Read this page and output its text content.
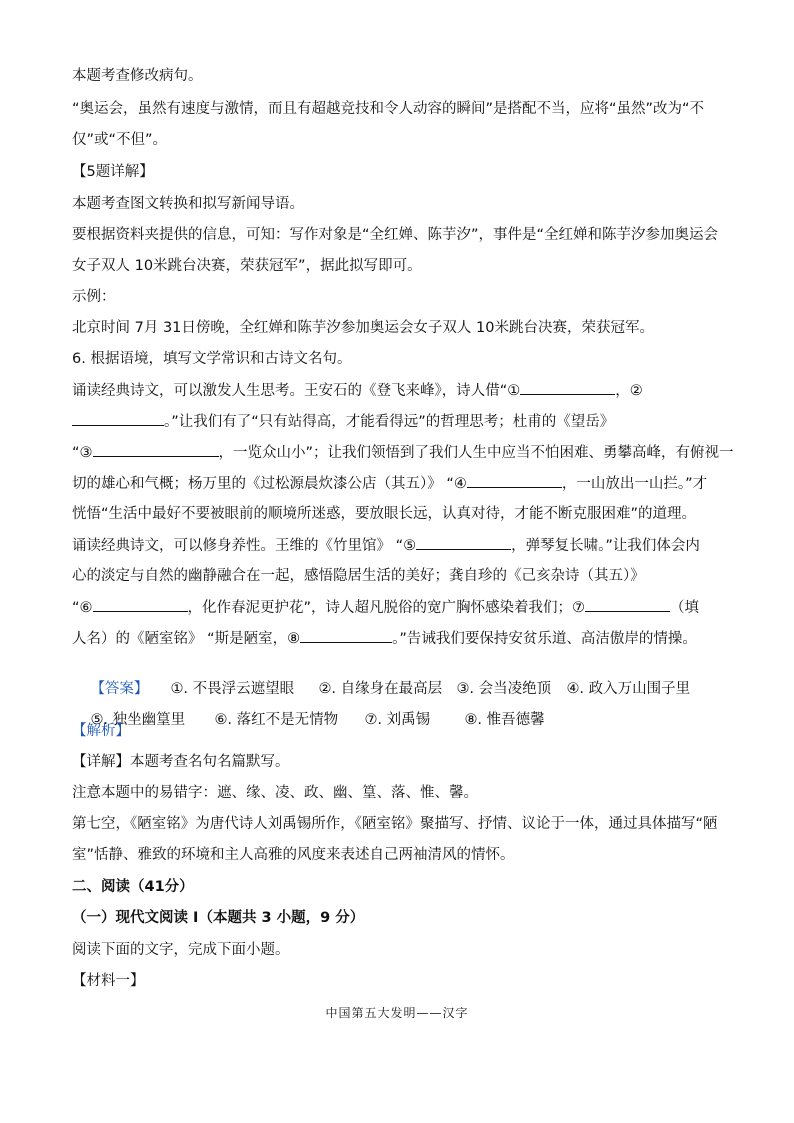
本题考查修改病句。
“奥运会，虽然有速度与激情，而且有超越竞技和令人动容的瞬间”是搭配不当，应将“虽然”改为“不
仅”或“不但”。
【5题详解】
本题考查图文转换和拟写新闻导语。
要根据资料夹提供的信息，可知：写作对象是“全红婵、陈芋汐”，事件是“全红婵和陈芋汐参加奥运会
女子双人 10米跳台决赛，荣获冠军”，据此拟写即可。
示例：
北京时间 7月 31日傍晚，全红婵和陈芋汐参加奥运会女子双人 10米跳台决赛，荣获冠军。
6. 根据语境，填写文学常识和古诗文名句。
诵读经典诗文，可以激发人生思考。王安石的《登飞来峰》，诗人借“①	，②
。”让我们有了“只有站得高，才能看得远”的哲理思考；杜甫的《望岳》
“③	，一览众山小”；让我们领悟到了我们人生中应当不怕困难、勇攀高峰，有俯视一
切的雄心和气概；杨万里的《过松源晨炊漆公店（其五）》 “④	，一山放出一山拦。”才
恍悟“生活中最好不要被眼前的顺境所迷惑，要放眼长远，认真对待，才能不断克服困难”的道理。
诵读经典诗文，可以修身养性。王维的《竹里馆》 “⑤	，弹琴复长啸。”让我们体会内
心的淡定与自然的幽静融合在一起，感悟隐居生活的美好；龚自珍的《己亥杂诗（其五）》
“⑥	，化作春泥更护花”，诗人超凡脱俗的宽广胸怀感染着我们；⑦	（填
人名）的《陋室铭》 “斯是陋室，⑧	。”告诫我们要保持安贫乐道、高洁傲岸的情操。

【答案】 ①. 不畏浮云遮望眼 ②. 自缘身在最高层 ③. 会当凌绝顶 ④. 政入万山围子里

⑤. 独坐幽篁里 ⑥. 落红不是无情物 ⑦. 刘禹锡 ⑧. 惟吾德馨

【解析】
【详解】本题考查名句名篇默写。
注意本题中的易错字：遮、缘、凌、政、幽、篁、落、惟、馨。
第七空，《陋室铭》为唐代诗人刘禹锡所作，《陋室铭》聚描写、抒情、议论于一体，通过具体描写“陋
室”恬静、雅致的环境和主人高雅的风度来表述自己两袖清风的情怀。
二、阅读（41分）
（一）现代文阅读 I（本题共 3 小题，9 分）
阅读下面的文字，完成下面小题。
【材料一】
中国第五大发明——汉字
